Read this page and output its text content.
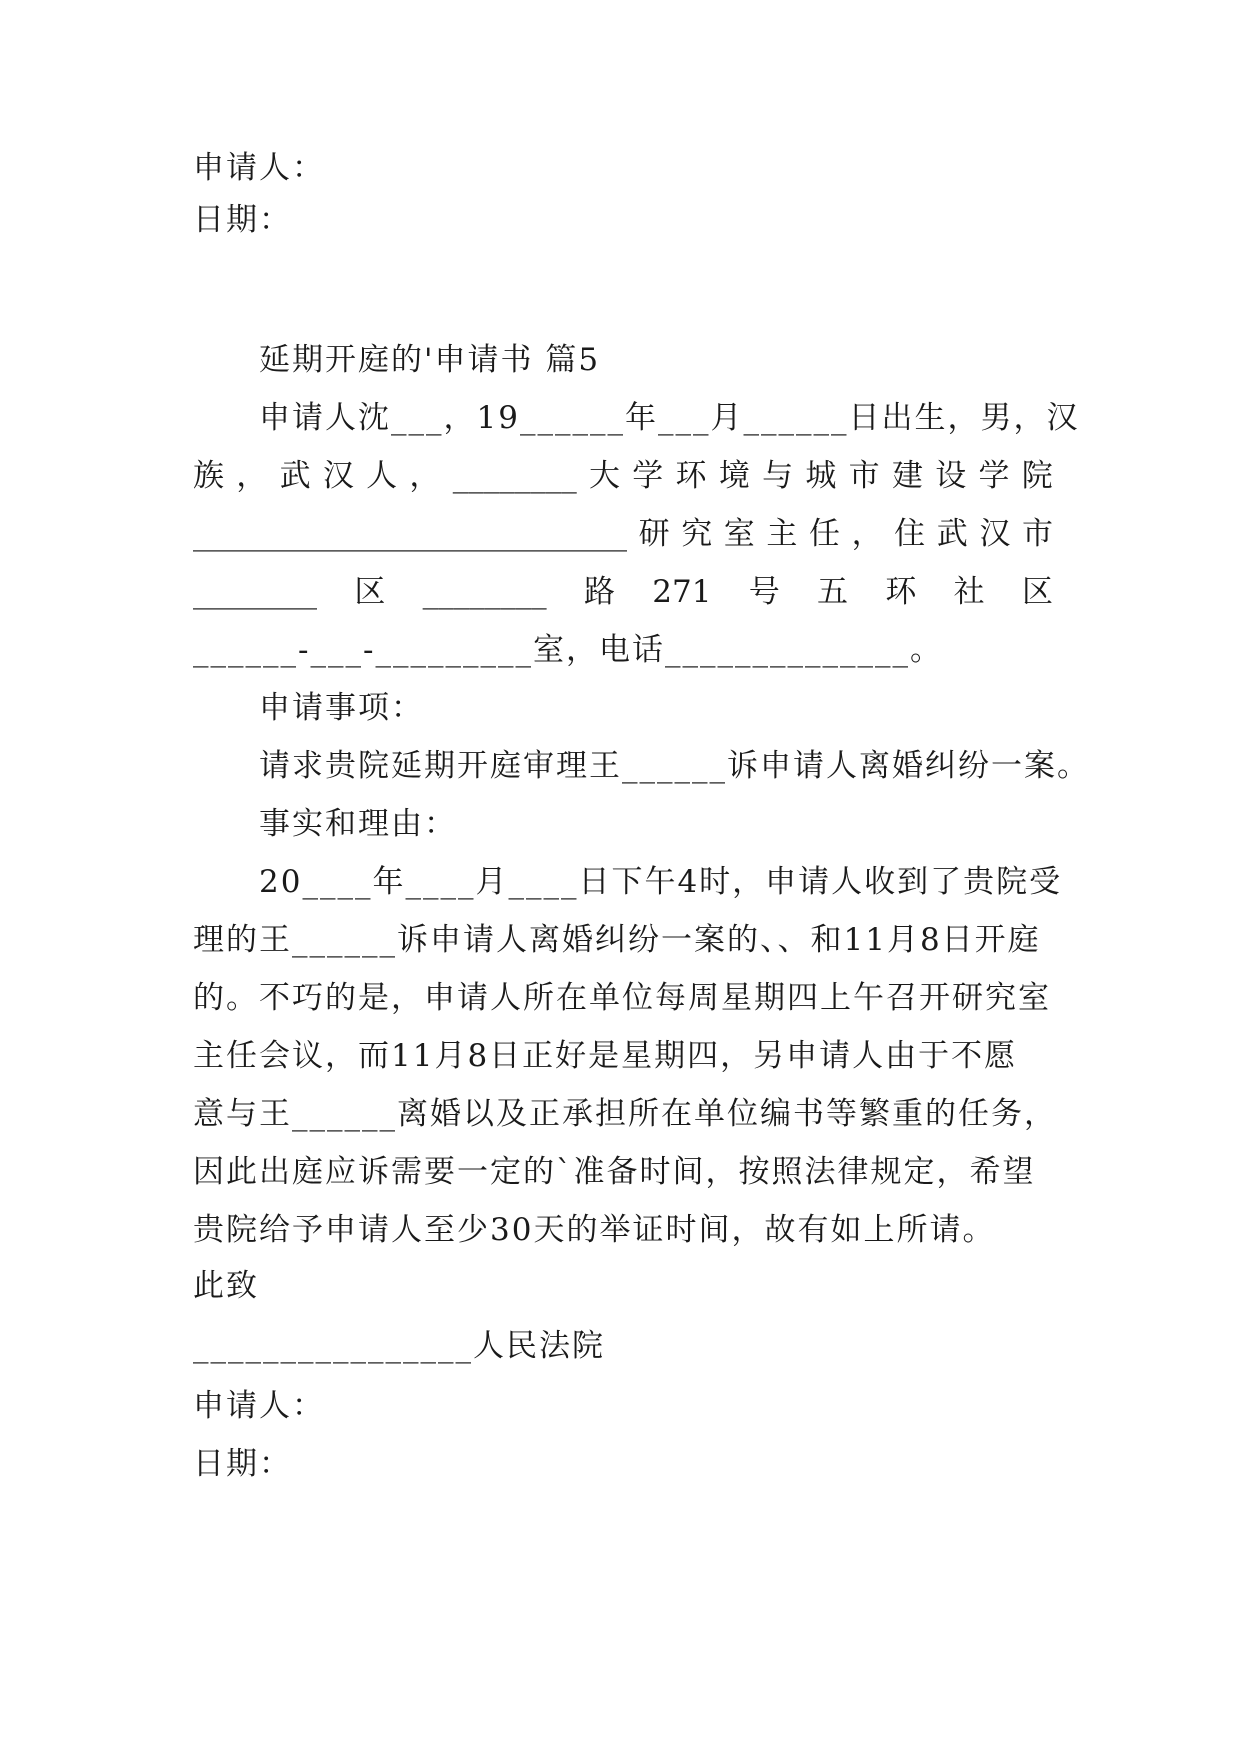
申请人：
日期：
延期开庭的'申请书 篇5
申请人沈___，19______年___月______日出生，男，汉
族 ， 武 汉 人 ， ________ 大 学 环 境 与 城 市 建 设 学 院
____________________________ 研 究 室 主 任 ， 住 武 汉 市
________ 区 ________ 路 271 号 五 环 社 区
______-___-_________室，电话______________。
申请事项：
请求贵院延期开庭审理王______诉申请人离婚纠纷一案。
事实和理由：
20____年____月____日下午4时，申请人收到了贵院受
理的王______诉申请人离婚纠纷一案的、、和11月8日开庭
的。不巧的是，申请人所在单位每周星期四上午召开研究室
主任会议，而11月8日正好是星期四，另申请人由于不愿
意与王______离婚以及正承担所在单位编书等繁重的任务，
因此出庭应诉需要一定的`准备时间，按照法律规定，希望
贵院给予申请人至少30天的举证时间，故有如上所请。
此致
________________人民法院
申请人：
日期：
